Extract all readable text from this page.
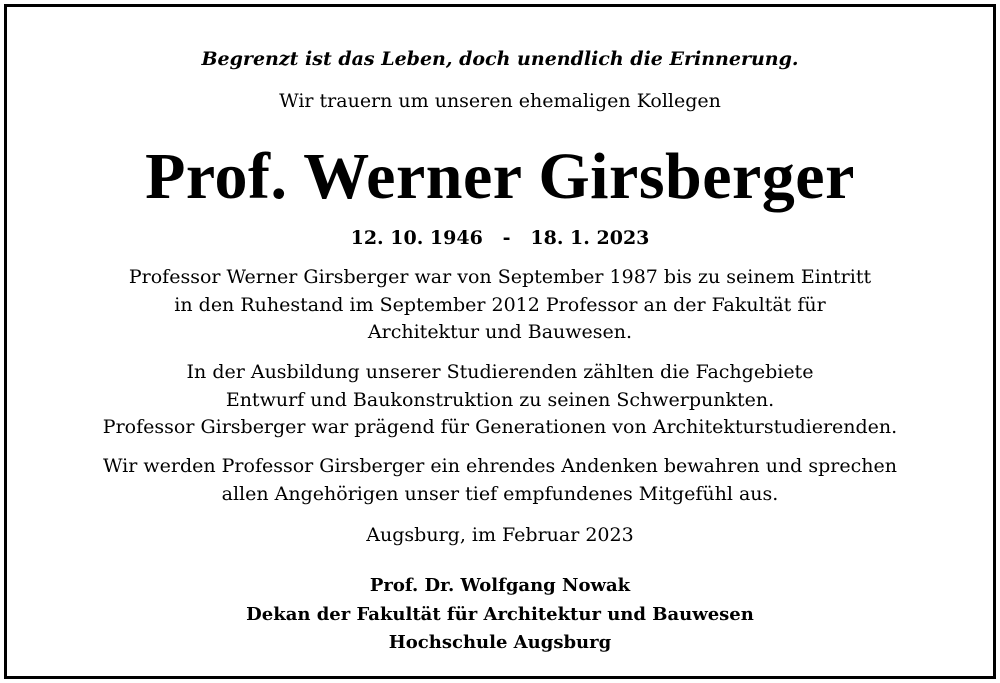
Begrenzt ist das Leben, doch unendlich die Erinnerung.
Wir trauern um unseren ehemaligen Kollegen
Prof. Werner Girsberger
12. 10. 1946   -   18. 1. 2023
Professor Werner Girsberger war von September 1987 bis zu seinem Eintritt
in den Ruhestand im September 2012 Professor an der Fakultät für
Architektur und Bauwesen.
In der Ausbildung unserer Studierenden zählten die Fachgebiete
Entwurf und Baukonstruktion zu seinen Schwerpunkten.
Professor Girsberger war prägend für Generationen von Architekturstudierenden.
Wir werden Professor Girsberger ein ehrendes Andenken bewahren und sprechen
allen Angehörigen unser tief empfundenes Mitgefühl aus.
Augsburg, im Februar 2023
Prof. Dr. Wolfgang Nowak
Dekan der Fakultät für Architektur und Bauwesen
Hochschule Augsburg
